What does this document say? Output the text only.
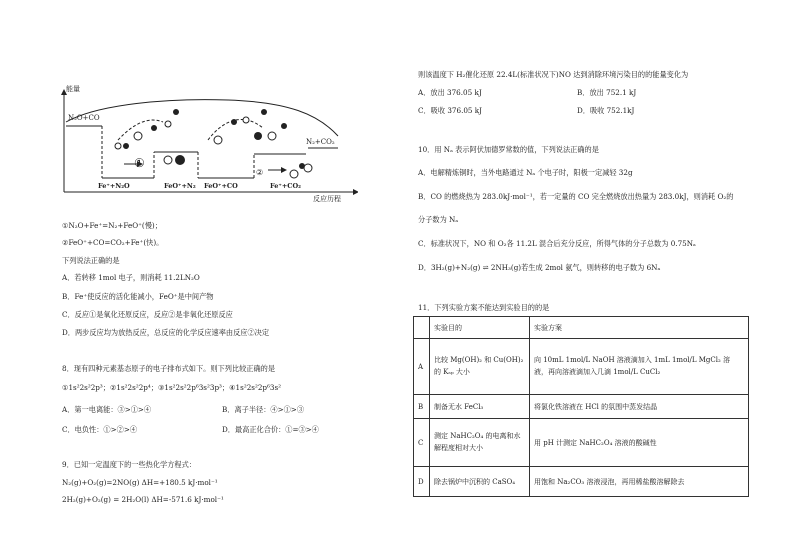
能量
N₂O+CO
N₂+CO₂
①
②
Fe⁺+N₂O	FeO⁺+N₂ FeO⁺+CO	Fe⁺+CO₂
反应历程
①N₂O+Fe⁺=N₂+FeO⁺(慢)；
②FeO⁺+CO=CO₂+Fe⁺(快)。
下列说法正确的是
A．若转移 1mol 电子，则消耗 11.2LN₂O
B．Fe⁺使反应的活化能减小，FeO⁺是中间产物
C．反应①是氧化还原反应，反应②是非氧化还原反应
D．两步反应均为放热反应，总反应的化学反应速率由反应②决定
8．现有四种元素基态原子的电子排布式如下。则下列比较正确的是
①1s²2s²2p³；②1s²2s²2p⁴；③1s²2s²2p⁶3s²3p³；④1s²2s²2p⁶3s²
A．第一电离能：③>①>④	B．离子半径：④>①>③
C．电负性：①>②>④	D．最高正化合价：①=③>④
9．已知一定温度下的一些热化学方程式：
N₂(g)+O₂(g)=2NO(g) ΔH=+180.5 kJ·mol⁻¹
2H₂(g)+O₂(g) = 2H₂O(l) ΔH=-571.6 kJ·mol⁻¹
则该温度下 H₂催化还原 22.4L(标准状况下)NO 达到消除环境污染目的的能量变化为
A．放出 376.05 kJ	B．放出 752.1 kJ
C．吸收 376.05 kJ	D．吸收 752.1kJ
10．用 Nₐ 表示阿伏加德罗常数的值，下列说法正确的是
A．电解精炼铜时，当外电路通过 Nₐ 个电子时，阳极一定减轻 32g
B．CO 的燃烧热为 283.0kJ·mol⁻¹，若一定量的 CO 完全燃烧放出热量为 283.0kJ，则消耗 O₂的
分子数为 Nₐ
C．标准状况下，NO 和 O₂各 11.2L 混合后充分反应，所得气体的分子总数为 0.75Nₐ
D．3H₂(g)+N₂(g) ⇌ 2NH₃(g)若生成 2mol 氨气，则转移的电子数为 6Nₐ
11．下列实验方案不能达到实验目的的是
	实验目的	实验方案
A	比较 Mg(OH)₂ 和 Cu(OH)₂ 的 Kₛₚ 大小	向 10mL 1mol/L NaOH 溶液滴加入 1mL 1mol/L MgCl₂ 溶液，再向溶液滴加入几滴 1mol/L CuCl₂
B	制备无水 FeCl₃	将氯化铁溶液在 HCl 的氛围中蒸发结晶
C	测定 NaHC₂O₄ 的电离和水解程度相对大小	用 pH 计测定 NaHC₂O₄ 溶液的酸碱性
D	除去锅炉中沉积的 CaSO₄	用饱和 Na₂CO₃ 溶液浸泡，再用稀盐酸溶解除去
